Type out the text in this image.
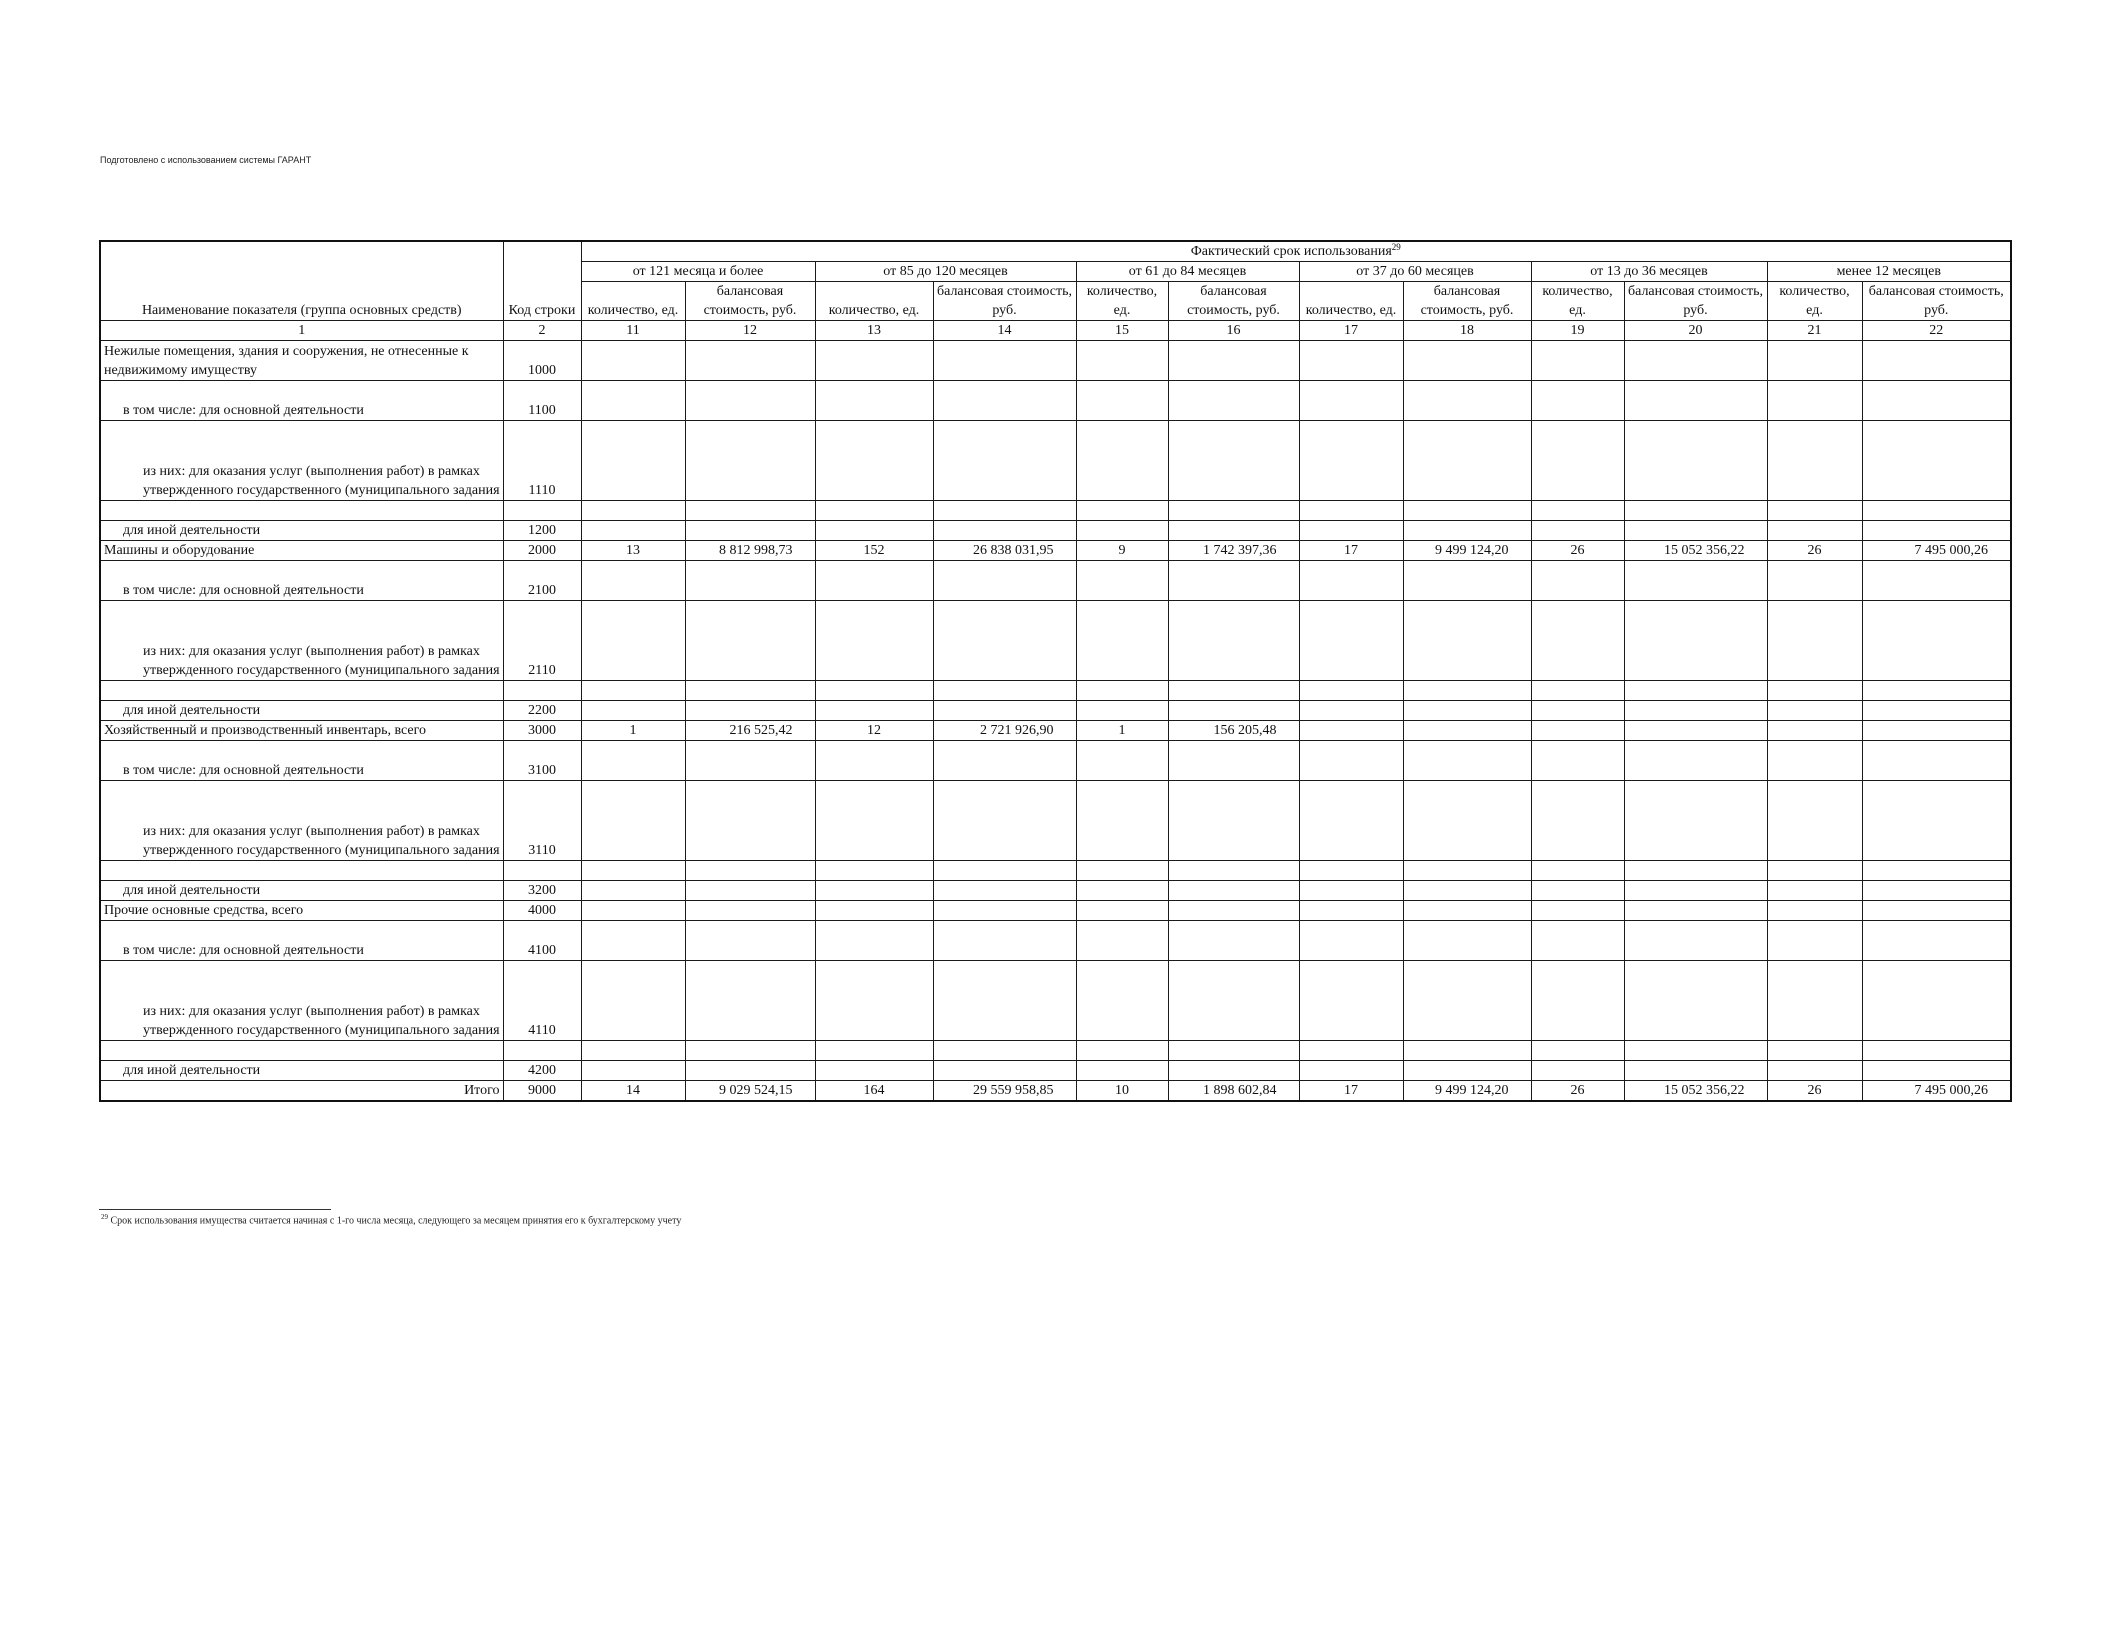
Подготовлено с использованием системы ГАРАНТ
Наименование показателя (группа основных средств)	Код строки	Фактический срок использования$^{29}$
		от 121 месяца и более		от 85 до 120 месяцев		от 61 до 84 месяцев		от 37 до 60 месяцев		от 13 до 36 месяцев		менее 12 месяцев	
		количество, ед.	балансовая стоимость, руб.	количество, ед.	балансовая стоимость, руб.	количество, ед.	балансовая стоимость, руб.	количество, ед.	балансовая стоимость, руб.	количество, ед.	балансовая стоимость, руб.	количество, ед.	балансовая стоимость, руб.
1	2	11	12	13	14	15	16	17	18	19	20	21	22
Нежилые помещения, здания и сооружения, не отнесенные к недвижимому имуществу	1000												
в том числе: для основной деятельности	1100												
из них: для оказания услуг (выполнения работ) в рамках утвержденного государственного (муниципального задания	1110												

для иной деятельности	1200												
Машины и оборудование	2000	13	8 812 998,73	152	26 838 031,95	9	1 742 397,36	17	9 499 124,20	26	15 052 356,22	26	7 495 000,26
в том числе: для основной деятельности	2100												
из них: для оказания услуг (выполнения работ) в рамках утвержденного государственного (муниципального задания	2110												

для иной деятельности	2200												
Хозяйственный и производственный инвентарь, всего	3000	1	216 525,42	12	2 721 926,90	1	156 205,48						
в том числе: для основной деятельности	3100												
из них: для оказания услуг (выполнения работ) в рамках утвержденного государственного (муниципального задания	3110												

для иной деятельности	3200												
Прочие основные средства, всего	4000												
в том числе: для основной деятельности	4100												
из них: для оказания услуг (выполнения работ) в рамках утвержденного государственного (муниципального задания	4110												

для иной деятельности	4200												
Итого	9000	14	9 029 524,15	164	29 559 958,85	10	1 898 602,84	17	9 499 124,20	26	15 052 356,22	26	7 495 000,26
$^{29}$ Срок использования имущества считается начиная с 1-го числа месяца, следующего за месяцем принятия его к бухгалтерскому учету
